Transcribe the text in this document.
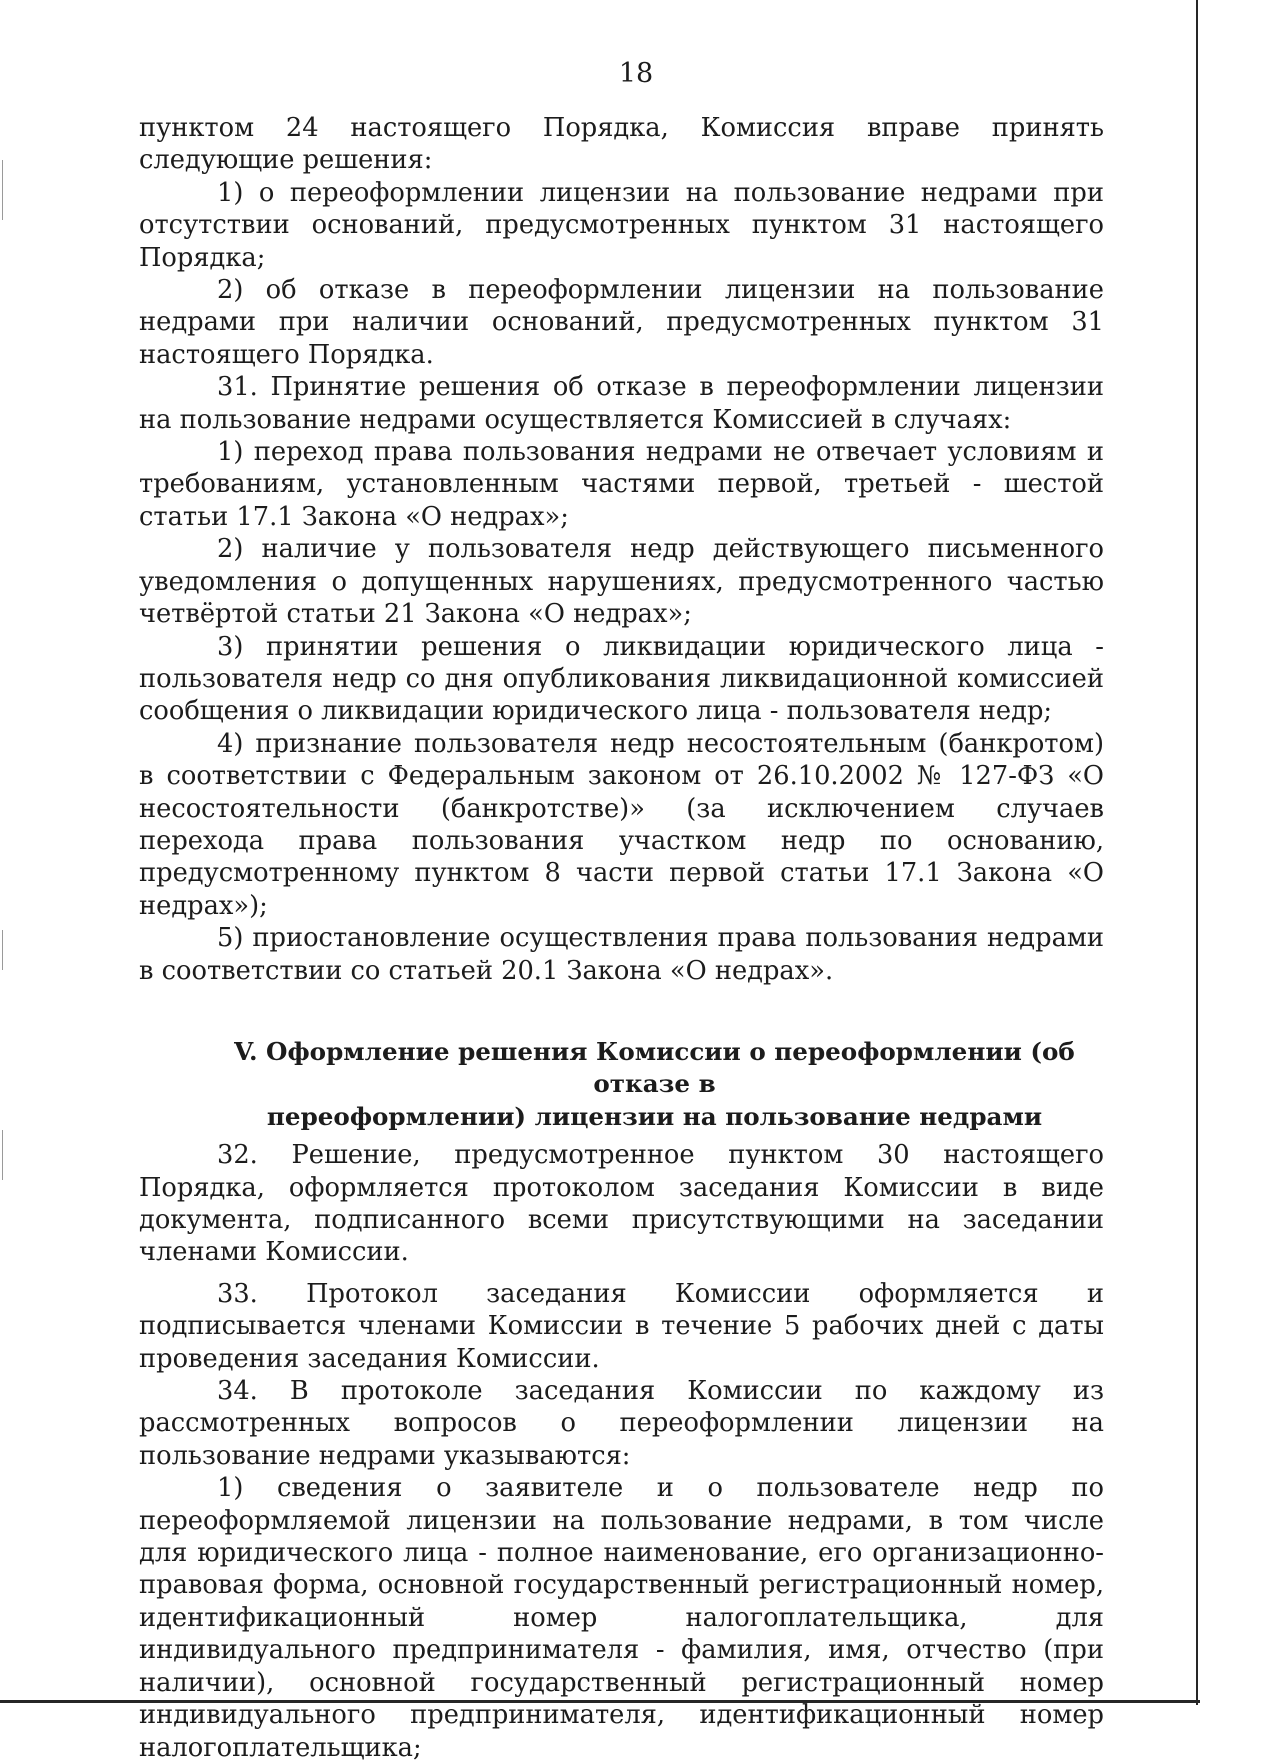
18

пунктом 24 настоящего Порядка, Комиссия вправе принять следующие решения:

1) о переоформлении лицензии на пользование недрами при отсутствии оснований, предусмотренных пунктом 31 настоящего Порядка;

2) об отказе в переоформлении лицензии на пользование недрами при наличии оснований, предусмотренных пунктом 31 настоящего Порядка.

31. Принятие решения об отказе в переоформлении лицензии на пользование недрами осуществляется Комиссией в случаях:

1) переход права пользования недрами не отвечает условиям и требованиям, установленным частями первой, третьей - шестой статьи 17.1 Закона «О недрах»;

2) наличие у пользователя недр действующего письменного уведомления о допущенных нарушениях, предусмотренного частью четвёртой статьи 21 Закона «О недрах»;

3) принятии решения о ликвидации юридического лица - пользователя недр со дня опубликования ликвидационной комиссией сообщения о ликвидации юридического лица - пользователя недр;

4) признание пользователя недр несостоятельным (банкротом) в соответствии с Федеральным законом от 26.10.2002 № 127-ФЗ «О несостоятельности (банкротстве)» (за исключением случаев перехода права пользования участком недр по основанию, предусмотренному пунктом 8 части первой статьи 17.1 Закона «О недрах»);

5) приостановление осуществления права пользования недрами в соответствии со статьей 20.1 Закона «О недрах».

V. Оформление решения Комиссии о переоформлении (об отказе в
переоформлении) лицензии на пользование недрами

32. Решение, предусмотренное пунктом 30 настоящего Порядка, оформляется протоколом заседания Комиссии в виде документа, подписанного всеми присутствующими на заседании членами Комиссии.

33. Протокол заседания Комиссии оформляется и подписывается членами Комиссии в течение 5 рабочих дней с даты проведения заседания Комиссии.

34. В протоколе заседания Комиссии по каждому из рассмотренных вопросов о переоформлении лицензии на пользование недрами указываются:

1) сведения о заявителе и о пользователе недр по переоформляемой лицензии на пользование недрами, в том числе для юридического лица - полное наименование, его организационно-правовая форма, основной государственный регистрационный номер, идентификационный номер налогоплательщика, для индивидуального предпринимателя - фамилия, имя, отчество (при наличии), основной государственный регистрационный номер индивидуального предпринимателя, идентификационный номер налогоплательщика;
